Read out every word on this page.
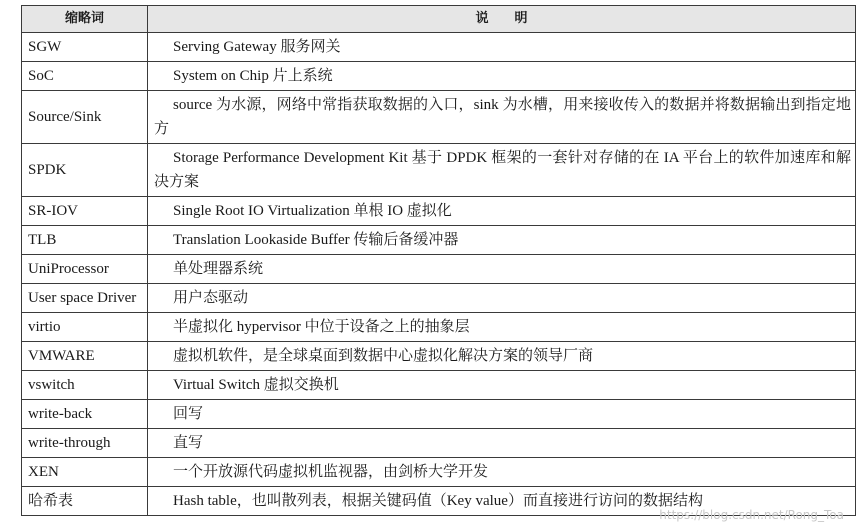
缩略词	说明
SGW	Serving Gateway 服务网关

SoC	System on Chip 片上系统

Source/Sink	source 为水源，网络中常指获取数据的入口，sink 为水槽，用来接收传入的数据并将数据输出到指定地方

SPDK	Storage Performance Development Kit 基于 DPDK 框架的一套针对存储的在 IA 平台上的软件加速库和解决方案

SR-IOV	Single Root IO Virtualization 单根 IO 虚拟化

TLB	Translation Lookaside Buffer 传输后备缓冲器

UniProcessor	单处理器系统

User space Driver	用户态驱动

virtio	半虚拟化 hypervisor 中位于设备之上的抽象层

VMWARE	虚拟机软件，是全球桌面到数据中心虚拟化解决方案的领导厂商

vswitch	Virtual Switch 虚拟交换机

write-back	回写

write-through	直写

XEN	一个开放源代码虚拟机监视器，由剑桥大学开发

哈希表	Hash table，也叫散列表，根据关键码值（Key value）而直接进行访问的数据结构
https://blog.csdn.net/Rong_Toa
